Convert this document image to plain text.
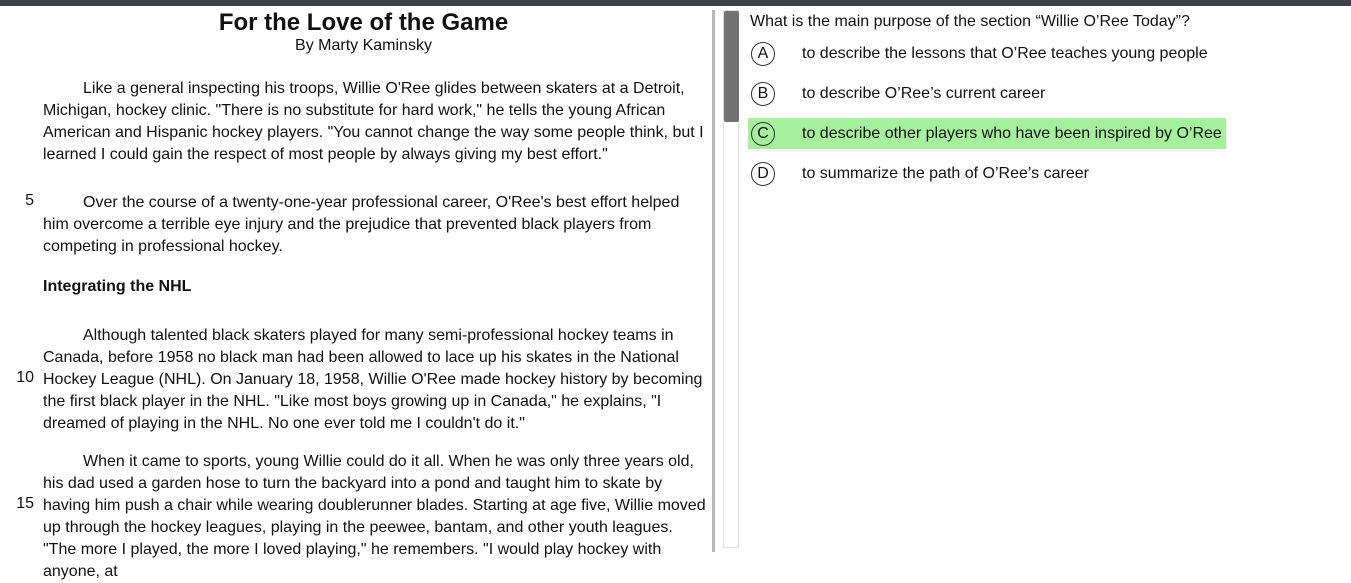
For the Love of the Game
By Marty Kaminsky

Like a general inspecting his troops, Willie O'Ree glides between skaters at a Detroit, Michigan, hockey clinic. "There is no substitute for hard work," he tells the young African American and Hispanic hockey players. "You cannot change the way some people think, but I learned I could gain the respect of most people by always giving my best effort."

5	Over the course of a twenty-one-year professional career, O'Ree's best effort helped him overcome a terrible eye injury and the prejudice that prevented black players from competing in professional hockey.

Integrating the NHL
10

Although talented black skaters played for many semi-professional hockey teams in Canada, before 1958 no black man had been allowed to lace up his skates in the National Hockey League (NHL). On January 18, 1958, Willie O'Ree made hockey history by becoming the first black player in the NHL. "Like most boys growing up in Canada," he explains, "I dreamed of playing in the NHL. No one ever told me I couldn't do it."

15

When it came to sports, young Willie could do it all. When he was only three years old, his dad used a garden hose to turn the backyard into a pond and taught him to skate by having him push a chair while wearing doublerunner blades. Starting at age five, Willie moved up through the hockey leagues, playing in the peewee, bantam, and other youth leagues. "The more I played, the more I loved playing," he remembers. "I would play hockey with anyone, at

What is the main purpose of the section “Willie O’Ree Today”?
A	to describe the lessons that O’Ree teaches young people
B	to describe O’Ree’s current career
C	to describe other players who have been inspired by O’Ree
D	to summarize the path of O’Ree’s career
